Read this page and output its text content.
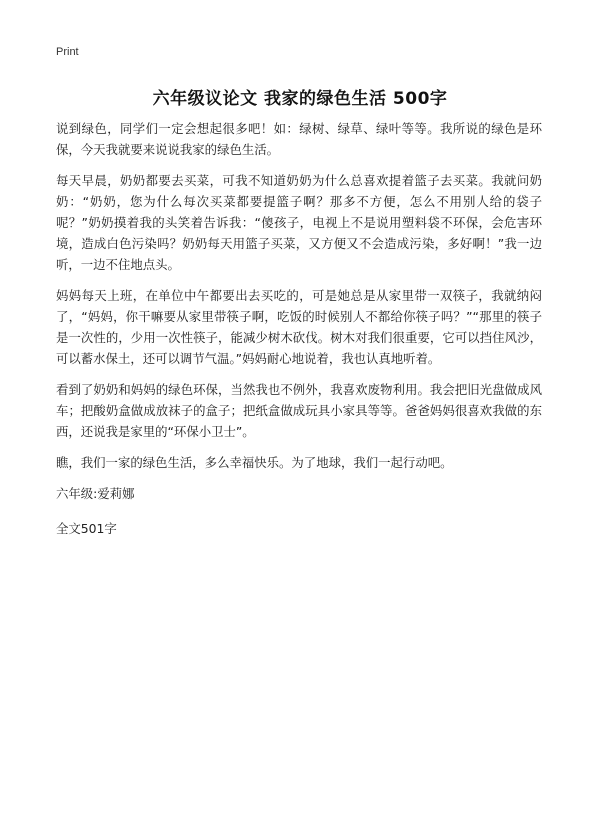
Print
六年级议论文 我家的绿色生活 500字

说到绿色，同学们一定会想起很多吧！如：绿树、绿草、绿叶等等。我所说的绿色是环保，今天我就要来说说我家的绿色生活。

每天早晨，奶奶都要去买菜，可我不知道奶奶为什么总喜欢提着篮子去买菜。我就问奶奶：“奶奶，您为什么每次买菜都要提篮子啊？那多不方便，怎么不用别人给的袋子呢？”奶奶摸着我的头笑着告诉我：“傻孩子，电视上不是说用塑料袋不环保，会危害环境，造成白色污染吗？奶奶每天用篮子买菜，又方便又不会造成污染，多好啊！”我一边听，一边不住地点头。

妈妈每天上班，在单位中午都要出去买吃的，可是她总是从家里带一双筷子，我就纳闷了，“妈妈，你干嘛要从家里带筷子啊，吃饭的时候别人不都给你筷子吗？”“那里的筷子是一次性的，少用一次性筷子，能减少树木砍伐。树木对我们很重要，它可以挡住风沙，可以蓄水保土，还可以调节气温。”妈妈耐心地说着，我也认真地听着。

看到了奶奶和妈妈的绿色环保，当然我也不例外，我喜欢废物利用。我会把旧光盘做成风车；把酸奶盒做成放袜子的盒子；把纸盒做成玩具小家具等等。爸爸妈妈很喜欢我做的东西，还说我是家里的“环保小卫士”。

瞧，我们一家的绿色生活，多么幸福快乐。为了地球，我们一起行动吧。

六年级:爱莉娜
全文501字
